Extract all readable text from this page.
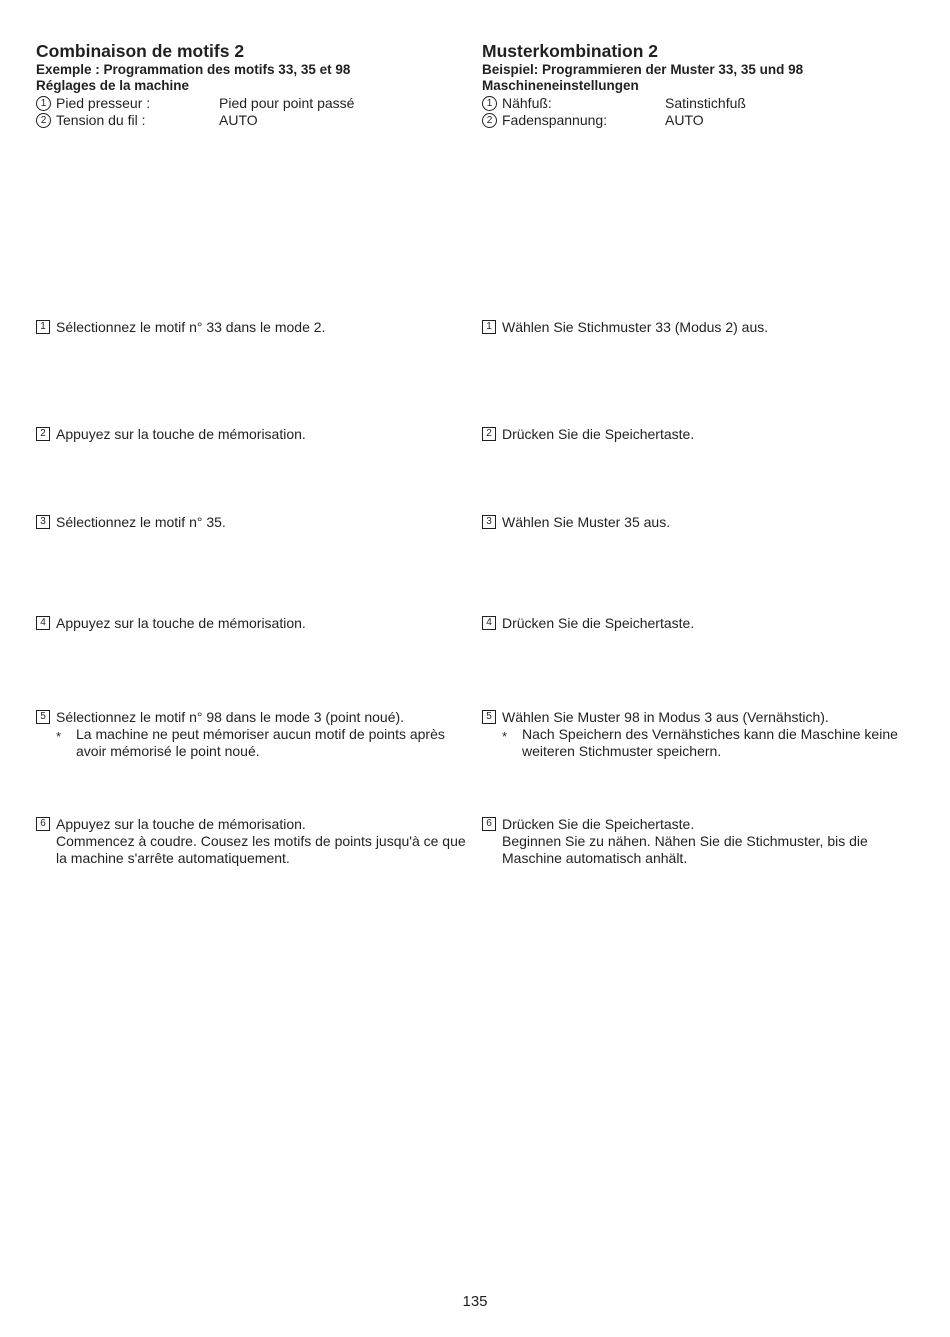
Combinaison de motifs 2
Exemple : Programmation des motifs 33, 35 et 98
Réglages de la machine
1 Pied presseur :	Pied pour point passé
2 Tension du fil :	AUTO
1 Sélectionnez le motif n° 33 dans le mode 2.
2 Appuyez sur la touche de mémorisation.
3 Sélectionnez le motif n° 35.
4 Appuyez sur la touche de mémorisation.
5 Sélectionnez le motif n° 98 dans le mode 3 (point noué).
* La machine ne peut mémoriser aucun motif de points après avoir mémorisé le point noué.
6 Appuyez sur la touche de mémorisation.
Commencez à coudre. Cousez les motifs de points jusqu'à ce que la machine s'arrête automatiquement.
Musterkombination 2
Beispiel: Programmieren der Muster 33, 35 und 98
Maschineneinstellungen
1 Nähfuß:	Satinstichfuß
2 Fadenspannung:	AUTO
1 Wählen Sie Stichmuster 33 (Modus 2) aus.
2 Drücken Sie die Speichertaste.
3 Wählen Sie Muster 35 aus.
4 Drücken Sie die Speichertaste.
5 Wählen Sie Muster 98 in Modus 3 aus (Vernähstich).
* Nach Speichern des Vernähstiches kann die Maschine keine weiteren Stichmuster speichern.
6 Drücken Sie die Speichertaste.
Beginnen Sie zu nähen. Nähen Sie die Stichmuster, bis die Maschine automatisch anhält.
135
